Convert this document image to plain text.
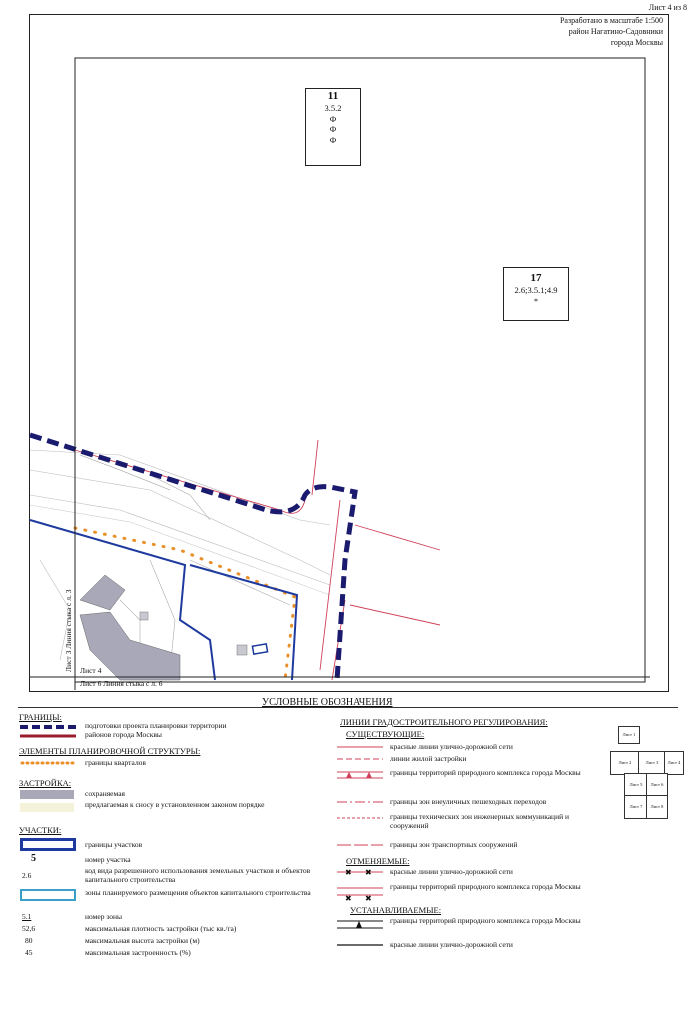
Лист 4 из 8
Разработано в масштабе 1:500
район Нагатино-Садовники
города Москвы
11
3.5.2
Ф
Ф
Ф
17
2.6;3.5.1;4.9
*
Лист 3 Линия стыка с л. 3 Лист 4
Лист 6 Линия стыка с л. 6
УСЛОВНЫЕ ОБОЗНАЧЕНИЯ
ГРАНИЦЫ:
подготовки проекта планировки территории
районов города Москвы
ЭЛЕМЕНТЫ ПЛАНИРОВОЧНОЙ СТРУКТУРЫ:
границы кварталов
ЗАСТРОЙКА:
сохраняемая
предлагаемая к сносу в установленном законом порядке
УЧАСТКИ:
границы участков
5	номер участка
2.6
код вида разрешенного использования земельных участков и объектов капитального строительства
зоны планируемого размещения объектов капитального строительства
5.1	номер зоны
52,6	максимальная плотность застройки (тыс кв./га)
80	максимальная высота застройки (м)
45	максимальная застроенность (%)
ЛИНИИ ГРАДОСТРОИТЕЛЬНОГО РЕГУЛИРОВАНИЯ:
СУЩЕСТВУЮЩИЕ:
красные линии улично-дорожной сети
линии жилой застройки
границы территорий природного комплекса города Москвы
границы зон внеуличных пешеходных переходов
границы технических зон инженерных коммуникаций и сооружений
границы зон транспортных сооружений
ОТМЕНЯЕМЫЕ:
✖ ✖ красные линии улично-дорожной сети
✖ ✖
границы территорий природного комплекса города Москвы
УСТАНАВЛИВАЕМЫЕ:
границы территорий природного комплекса города Москвы
красные линии улично-дорожной сети
Лист 1
Лист 2	Лист 3	Лист 4
Лист 5	Лист 6
Лист 7	Лист 8
